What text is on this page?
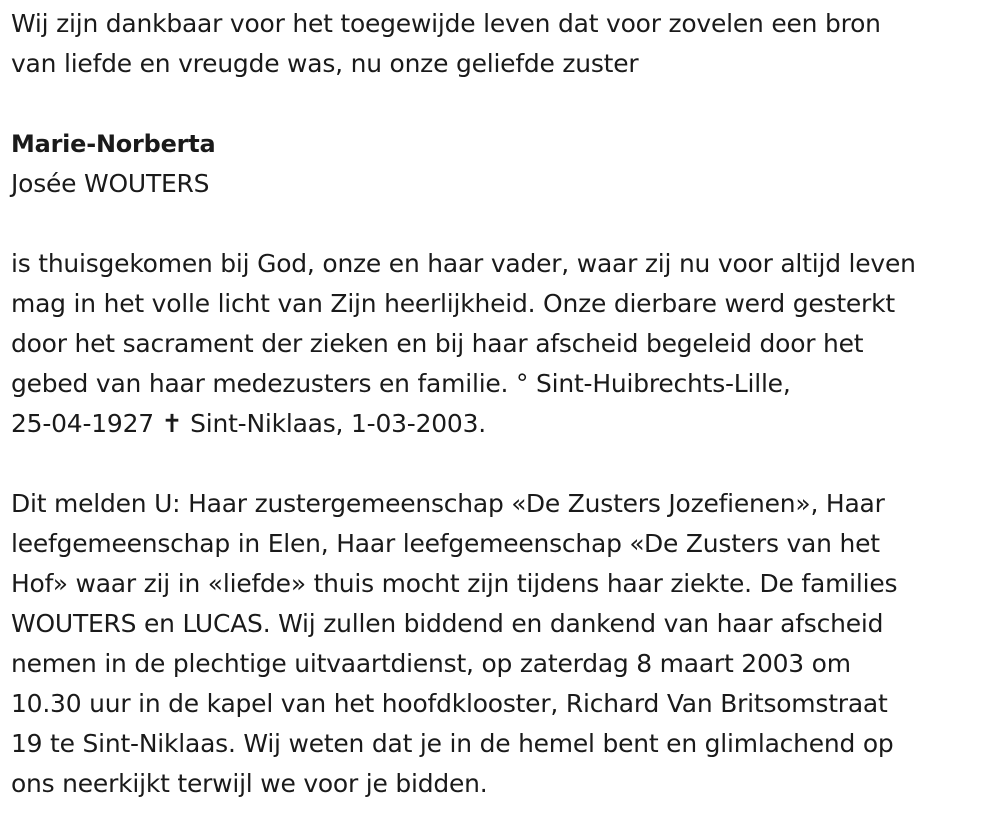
Wij zijn dankbaar voor het toegewijde leven dat voor zovelen een bron
van liefde en vreugde was, nu onze geliefde zuster
Marie-Norberta
Josée WOUTERS
is thuisgekomen bij God, onze en haar vader, waar zij nu voor altijd leven
mag in het volle licht van Zijn heerlijkheid. Onze dierbare werd gesterkt
door het sacrament der zieken en bij haar afscheid begeleid door het
gebed van haar medezusters en familie. ° Sint-Huibrechts-Lille,
25-04-1927 ✝ Sint-Niklaas, 1-03-2003.
Dit melden U: Haar zustergemeenschap «De Zusters Jozefienen», Haar
leefgemeenschap in Elen, Haar leefgemeenschap «De Zusters van het
Hof» waar zij in «liefde» thuis mocht zijn tijdens haar ziekte. De families
WOUTERS en LUCAS. Wij zullen biddend en dankend van haar afscheid
nemen in de plechtige uitvaartdienst, op zaterdag 8 maart 2003 om
10.30 uur in de kapel van het hoofdklooster, Richard Van Britsomstraat
19 te Sint-Niklaas. Wij weten dat je in de hemel bent en glimlachend op
ons neerkijkt terwijl we voor je bidden.
